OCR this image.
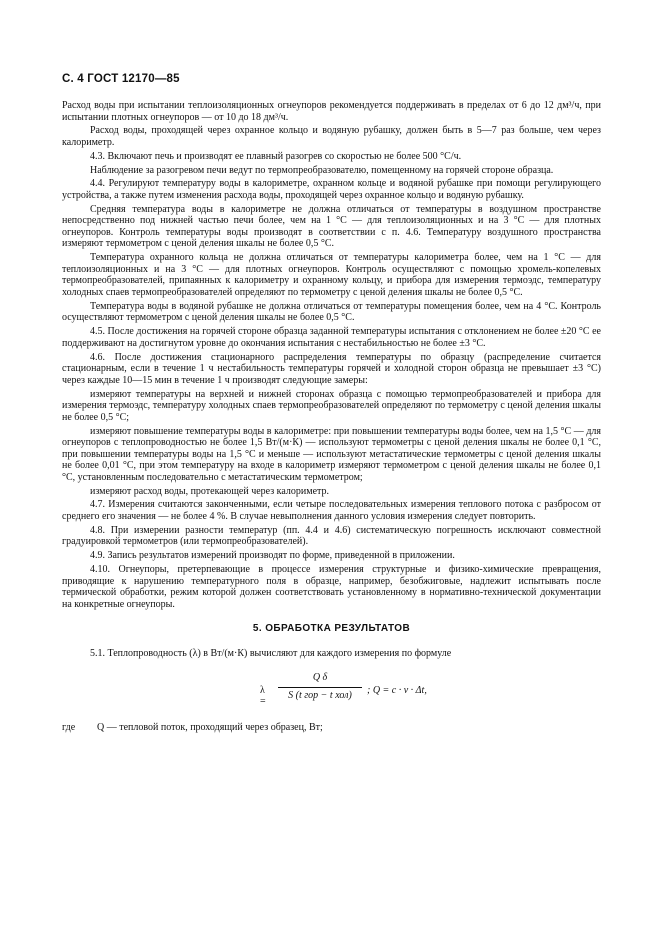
С. 4 ГОСТ 12170—85

Расход воды при испытании теплоизоляционных огнеупоров рекомендуется поддерживать в пределах от 6 до 12 дм³/ч, при испытании плотных огнеупоров — от 10 до 18 дм³/ч.

Расход воды, проходящей через охранное кольцо и водяную рубашку, должен быть в 5—7 раз больше, чем через калориметр.

4.3. Включают печь и производят ее плавный разогрев со скоростью не более 500 °С/ч.

Наблюдение за разогревом печи ведут по термопреобразователю, помещенному на горячей стороне образца.

4.4. Регулируют температуру воды в калориметре, охранном кольце и водяной рубашке при помощи регулирующего устройства, а также путем изменения расхода воды, проходящей через охранное кольцо и водяную рубашку.

Средняя температура воды в калориметре не должна отличаться от температуры в воздушном пространстве непосредственно под нижней частью печи более, чем на 1 °С — для теплоизоляционных и на 3 °С — для плотных огнеупоров. Контроль температуры воды производят в соответствии с п. 4.6. Температуру воздушного пространства измеряют термометром с ценой деления шкалы не более 0,5 °С.

Температура охранного кольца не должна отличаться от температуры калориметра более, чем на 1 °С — для теплоизоляционных и на 3 °С — для плотных огнеупоров. Контроль осуществляют с помощью хромель-копелевых термопреобразователей, припаянных к калориметру и охранному кольцу, и прибора для измерения термоэдс, температуру холодных спаев термопреобразователей определяют по термометру с ценой деления шкалы не более 0,5 °С.

Температура воды в водяной рубашке не должна отличаться от температуры помещения более, чем на 4 °С. Контроль осуществляют термометром с ценой деления шкалы не более 0,5 °С.

4.5. После достижения на горячей стороне образца заданной температуры испытания с отклонением не более ±20 °С ее поддерживают на достигнутом уровне до окончания испытания с нестабильностью не более ±3 °С.

4.6. После достижения стационарного распределения температуры по образцу (распределение считается стационарным, если в течение 1 ч нестабильность температуры горячей и холодной сторон образца не превышает ±3 °С) через каждые 10—15 мин в течение 1 ч производят следующие замеры:

измеряют температуры на верхней и нижней сторонах образца с помощью термопреобразователей и прибора для измерения термоэдс, температуру холодных спаев термопреобразователей определяют по термометру с ценой деления шкалы не более 0,5 °С;

измеряют повышение температуры воды в калориметре: при повышении температуры воды более, чем на 1,5 °С — для огнеупоров с теплопроводностью не более 1,5 Вт/(м·К) — используют термометры с ценой деления шкалы не более 0,1 °С, при повышении температуры воды на 1,5 °С и меньше — используют метастатические термометры с ценой деления шкалы не более 0,01 °С, при этом температуру на входе в калориметр измеряют термометром с ценой деления шкалы не более 0,1 °С, установленным последовательно с метастатическим термометром;

измеряют расход воды, протекающей через калориметр.

4.7. Измерения считаются законченными, если четыре последовательных измерения теплового потока с разбросом от среднего его значения — не более 4 %. В случае невыполнения данного условия измерения следует повторить.

4.8. При измерении разности температур (пп. 4.4 и 4.6) систематическую погрешность исключают совместной градуировкой термометров (или термопреобразователей).

4.9. Запись результатов измерений производят по форме, приведенной в приложении.

4.10. Огнеупоры, претерпевающие в процессе измерения структурные и физико-химические превращения, приводящие к нарушению температурного поля в образце, например, безобжиговые, надлежит испытывать после термической обработки, режим которой должен соответствовать установленному в нормативно-технической документации на конкретные огнеупоры.

5. ОБРАБОТКА РЕЗУЛЬТАТОВ

5.1. Теплопроводность (λ) в Вт/(м·К) вычисляют для каждого измерения по формуле

λ =
Q δ
S (t гор − t хол)	; Q = c · v · Δt,
где Q — тепловой поток, проходящий через образец, Вт;
